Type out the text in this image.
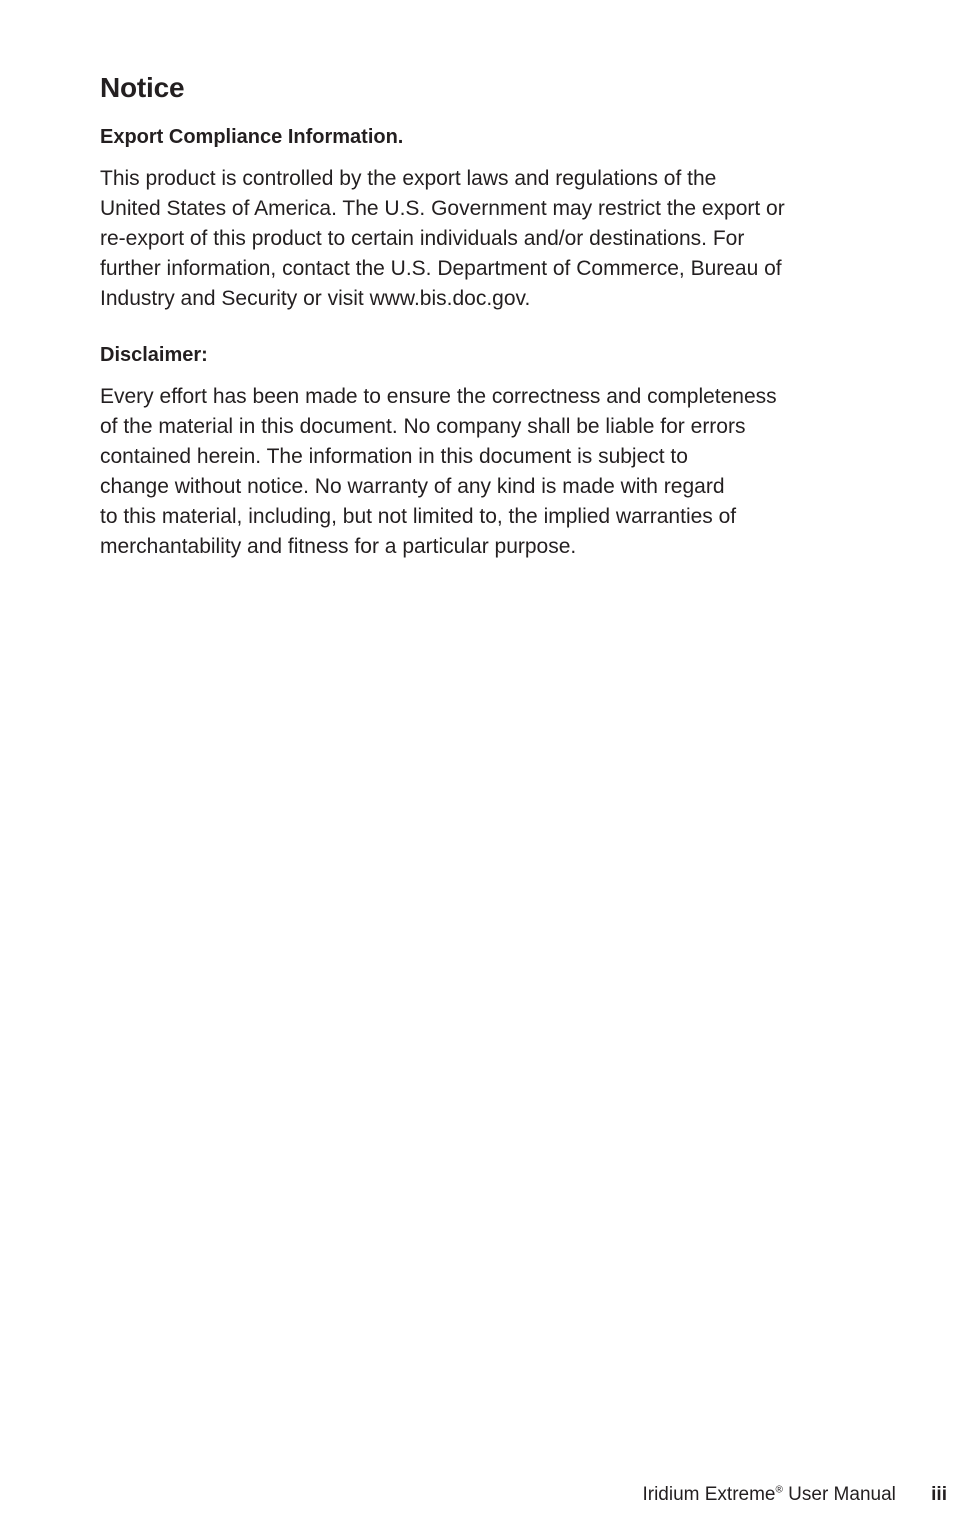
Notice
Export Compliance Information.

This product is controlled by the export laws and regulations of the
United States of America. The U.S. Government may restrict the export or
re-export of this product to certain individuals and/or destinations. For
further information, contact the U.S. Department of Commerce, Bureau of
Industry and Security or visit www.bis.doc.gov.

Disclaimer:

Every effort has been made to ensure the correctness and completeness
of the material in this document. No company shall be liable for errors
contained herein. The information in this document is subject to
change without notice. No warranty of any kind is made with regard
to this material, including, but not limited to, the implied warranties of
merchantability and fitness for a particular purpose.

Iridium Extreme® User Manual iii
